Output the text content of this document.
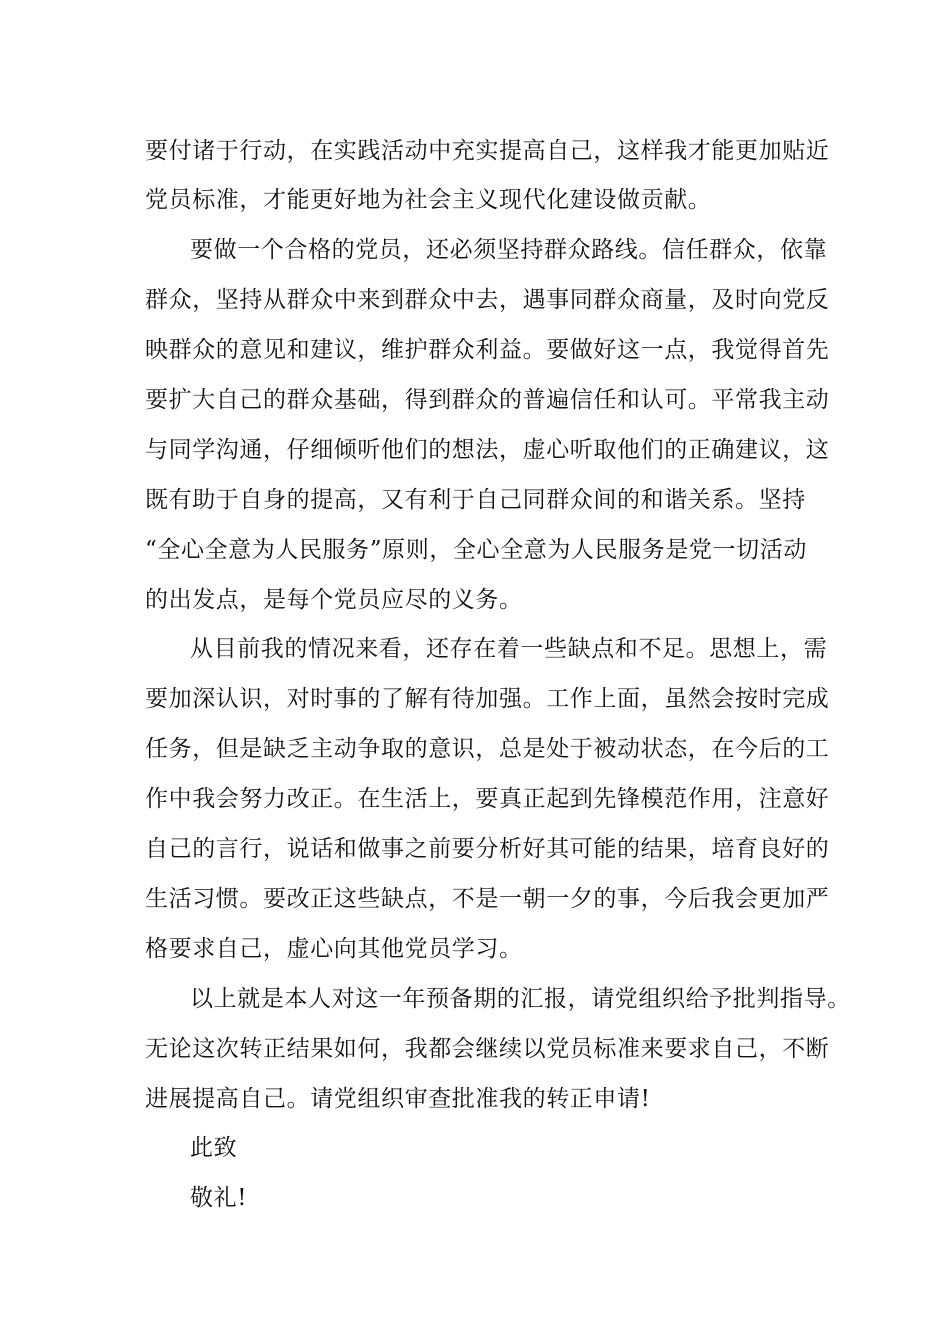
要付诸于行动，在实践活动中充实提高自己，这样我才能更加贴近
党员标准，才能更好地为社会主义现代化建设做贡献。
要做一个合格的党员，还必须坚持群众路线。信任群众，依靠
群众，坚持从群众中来到群众中去，遇事同群众商量，及时向党反
映群众的意见和建议，维护群众利益。要做好这一点，我觉得首先
要扩大自己的群众基础，得到群众的普遍信任和认可。平常我主动
与同学沟通，仔细倾听他们的想法，虚心听取他们的正确建议，这
既有助于自身的提高，又有利于自己同群众间的和谐关系。坚持
“全心全意为人民服务”原则，全心全意为人民服务是党一切活动
的出发点，是每个党员应尽的义务。
从目前我的情况来看，还存在着一些缺点和不足。思想上，需
要加深认识，对时事的了解有待加强。工作上面，虽然会按时完成
任务，但是缺乏主动争取的意识，总是处于被动状态，在今后的工
作中我会努力改正。在生活上，要真正起到先锋模范作用，注意好
自己的言行，说话和做事之前要分析好其可能的结果，培育良好的
生活习惯。要改正这些缺点，不是一朝一夕的事，今后我会更加严
格要求自己，虚心向其他党员学习。
以上就是本人对这一年预备期的汇报，请党组织给予批判指导。
无论这次转正结果如何，我都会继续以党员标准来要求自己，不断
进展提高自己。请党组织审查批准我的转正申请!
此致
敬礼!
